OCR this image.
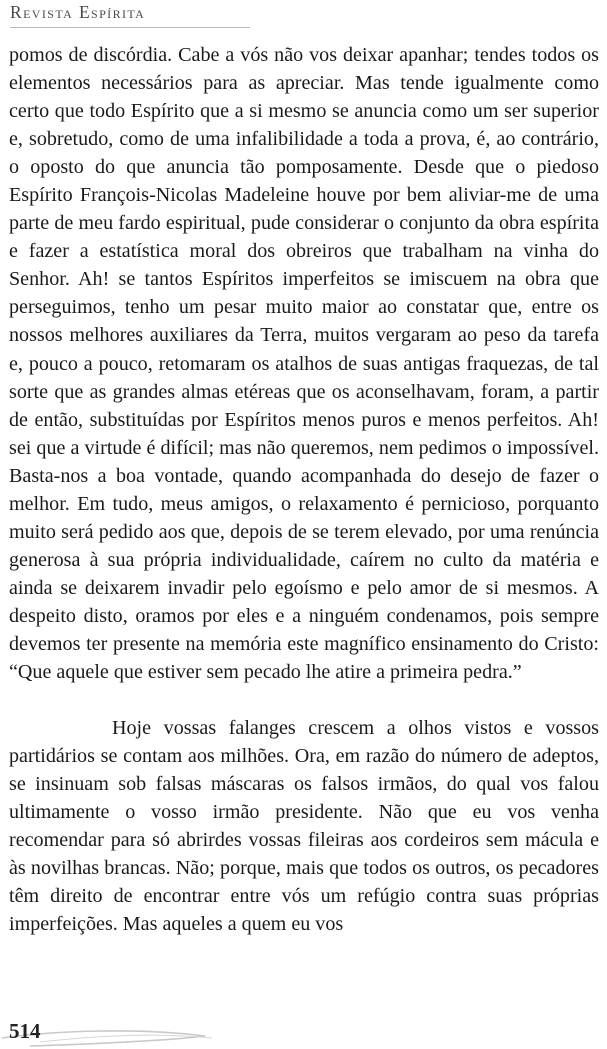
Revista Espírita

pomos de discórdia. Cabe a vós não vos deixar apanhar; tendes todos os elementos necessários para as apreciar. Mas tende igualmente como certo que todo Espírito que a si mesmo se anuncia como um ser superior e, sobretudo, como de uma infalibilidade a toda a prova, é, ao contrário, o oposto do que anuncia tão pomposamente. Desde que o piedoso Espírito François-Nicolas Madeleine houve por bem aliviar-me de uma parte de meu fardo espiritual, pude considerar o conjunto da obra espírita e fazer a estatística moral dos obreiros que trabalham na vinha do Senhor. Ah! se tantos Espíritos imperfeitos se imiscuem na obra que perseguimos, tenho um pesar muito maior ao constatar que, entre os nossos melhores auxiliares da Terra, muitos vergaram ao peso da tarefa e, pouco a pouco, retomaram os atalhos de suas antigas fraquezas, de tal sorte que as grandes almas etéreas que os aconselhavam, foram, a partir de então, substituídas por Espíritos menos puros e menos perfeitos. Ah! sei que a virtude é difícil; mas não queremos, nem pedimos o impossível. Basta-nos a boa vontade, quando acompanhada do desejo de fazer o melhor. Em tudo, meus amigos, o relaxamento é pernicioso, porquanto muito será pedido aos que, depois de se terem elevado, por uma renúncia generosa à sua própria individualidade, caírem no culto da matéria e ainda se deixarem invadir pelo egoísmo e pelo amor de si mesmos. A despeito disto, oramos por eles e a ninguém condenamos, pois sempre devemos ter presente na memória este magnífico ensinamento do Cristo: “Que aquele que estiver sem pecado lhe atire a primeira pedra.”

Hoje vossas falanges crescem a olhos vistos e vossos partidários se contam aos milhões. Ora, em razão do número de adeptos, se insinuam sob falsas máscaras os falsos irmãos, do qual vos falou ultimamente o vosso irmão presidente. Não que eu vos venha recomendar para só abrirdes vossas fileiras aos cordeiros sem mácula e às novilhas brancas. Não; porque, mais que todos os outros, os pecadores têm direito de encontrar entre vós um refúgio contra suas próprias imperfeições. Mas aqueles a quem eu vos

514
